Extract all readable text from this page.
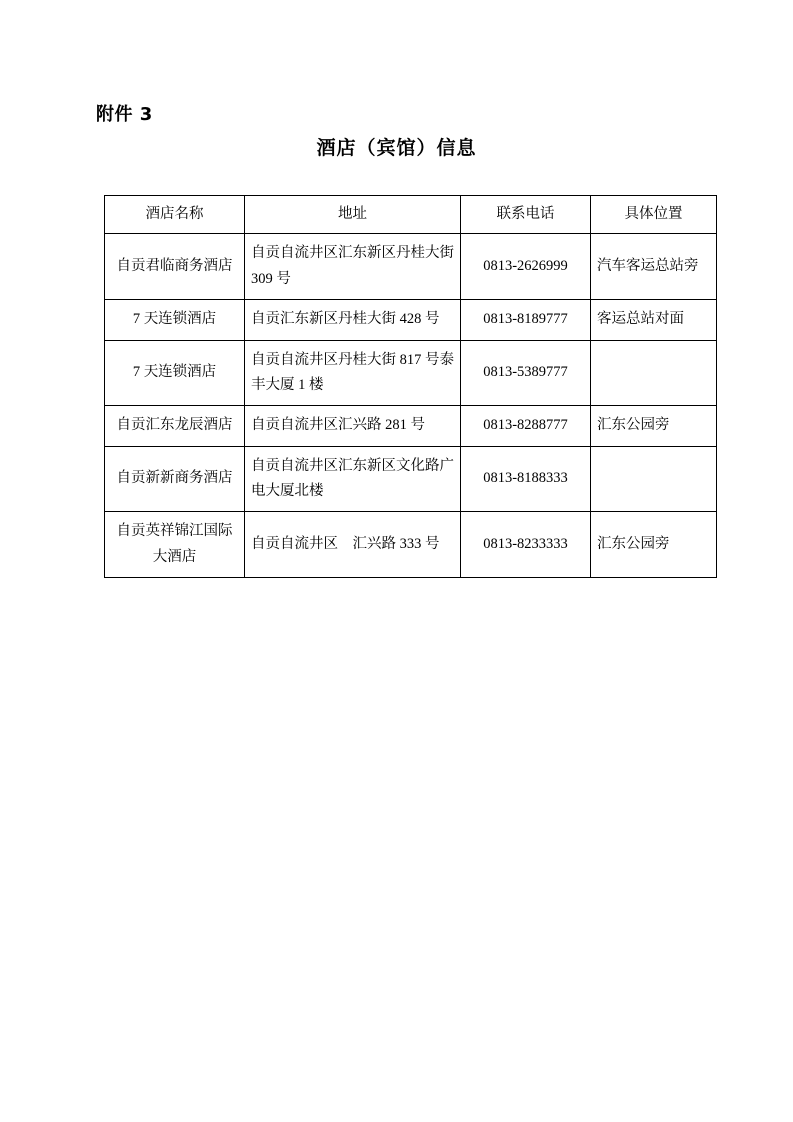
附件 3
酒店（宾馆）信息
酒店名称	地址	联系电话	具体位置
自贡君临商务酒店	自贡自流井区汇东新区丹桂大街 309 号	0813-2626999	汽车客运总站旁
7 天连锁酒店	自贡汇东新区丹桂大街 428 号	0813-8189777	客运总站对面
7 天连锁酒店	自贡自流井区丹桂大街 817 号泰丰大厦 1 楼	0813-5389777	
自贡汇东龙辰酒店	自贡自流井区汇兴路 281 号	0813-8288777	汇东公园旁
自贡新新商务酒店	自贡自流井区汇东新区文化路广电大厦北楼	0813-8188333	
自贡英祥锦江国际大酒店	自贡自流井区　汇兴路 333 号	0813-8233333	汇东公园旁
